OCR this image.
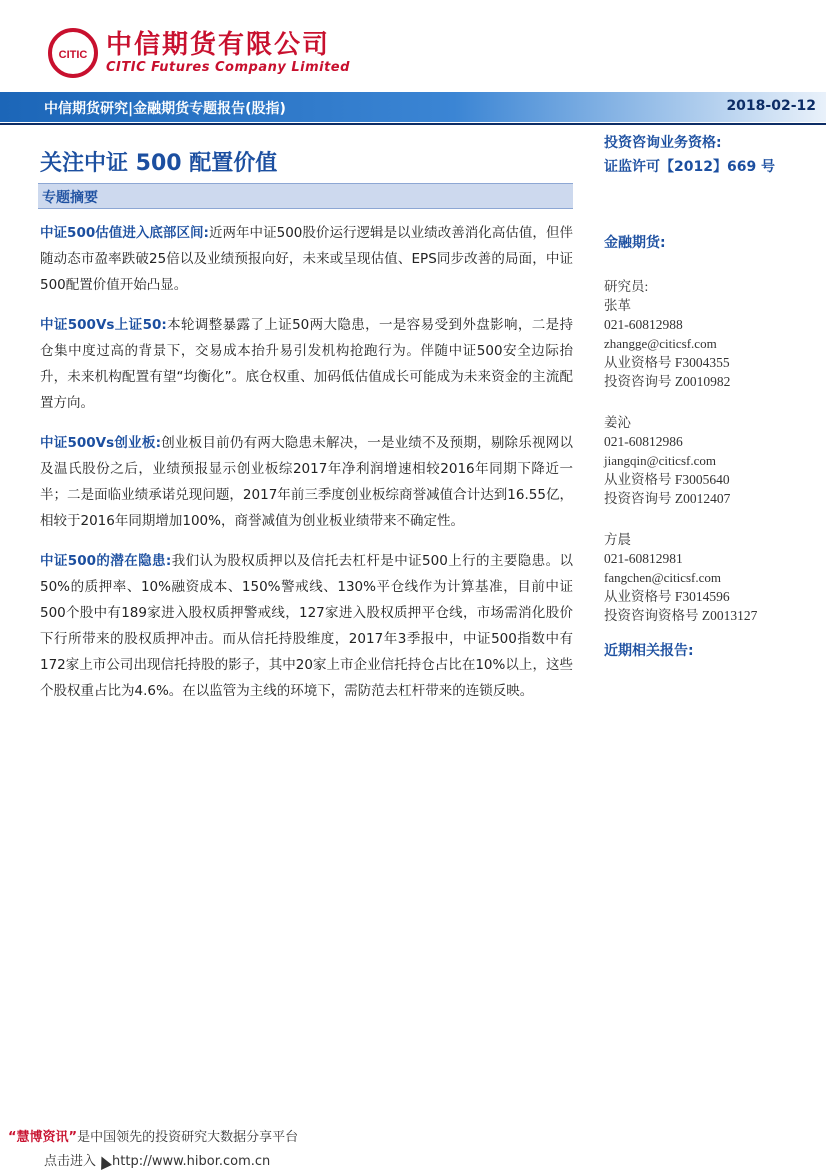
CITIC 中信期货有限公司
CITIC Futures Company Limited
中信期货研究|金融期货专题报告(股指)	2018-02-12
关注中证 500 配置价值
专题摘要

中证500估值进入底部区间:近两年中证500股价运行逻辑是以业绩改善消化高估值，但伴随动态市盈率跌破25倍以及业绩预报向好，未来或呈现估值、EPS同步改善的局面，中证500配置价值开始凸显。

中证500Vs上证50:本轮调整暴露了上证50两大隐患，一是容易受到外盘影响，二是持仓集中度过高的背景下，交易成本抬升易引发机构抢跑行为。伴随中证500安全边际抬升，未来机构配置有望“均衡化”。底仓权重、加码低估值成长可能成为未来资金的主流配置方向。

中证500Vs创业板:创业板目前仍有两大隐患未解决，一是业绩不及预期，剔除乐视网以及温氏股份之后，业绩预报显示创业板综2017年净利润增速相较2016年同期下降近一半；二是面临业绩承诺兑现问题，2017年前三季度创业板综商誉减值合计达到16.55亿，相较于2016年同期增加100%，商誉减值为创业板业绩带来不确定性。

中证500的潜在隐患:我们认为股权质押以及信托去杠杆是中证500上行的主要隐患。以50%的质押率、10%融资成本、150%警戒线、130%平仓线作为计算基准，目前中证500个股中有189家进入股权质押警戒线，127家进入股权质押平仓线，市场需消化股价下行所带来的股权质押冲击。而从信托持股维度，2017年3季报中，中证500指数中有172家上市公司出现信托持股的影子，其中20家上市企业信托持仓占比在10%以上，这些个股权重占比为4.6%。在以监管为主线的环境下，需防范去杠杆带来的连锁反映。

投资咨询业务资格:
证监许可【2012】669 号
金融期货:
研究员:
张革
021-60812988
zhangge@citicsf.com
从业资格号 F3004355
投资咨询号 Z0010982
姜沁
021-60812986
jiangqin@citicsf.com
从业资格号 F3005640
投资咨询号 Z0012407
方晨
021-60812981
fangchen@citicsf.com
从业资格号 F3014596
投资咨询资格号 Z0013127
近期相关报告:
“慧博资讯”是中国领先的投资研究大数据分享平台
点击进入 http://www.hibor.com.cn
